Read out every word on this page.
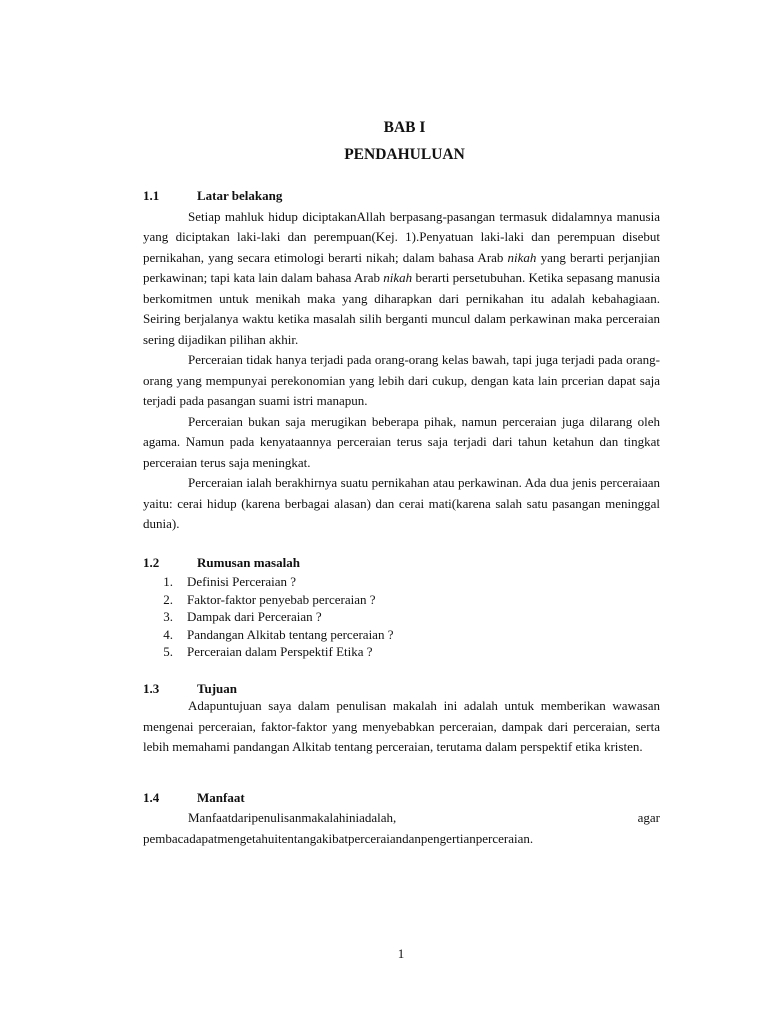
BAB I
PENDAHULUAN
1.1	Latar belakang

Setiap mahluk hidup diciptakanAllah berpasang-pasangan termasuk didalamnya manusia yang diciptakan laki-laki dan perempuan(Kej. 1).Penyatuan laki-laki dan perempuan disebut pernikahan, yang secara etimologi berarti nikah; dalam bahasa Arab nikah yang berarti perjanjian perkawinan; tapi kata lain dalam bahasa Arab nikah berarti persetubuhan. Ketika sepasang manusia berkomitmen untuk menikah maka yang diharapkan dari pernikahan itu adalah kebahagiaan. Seiring berjalanya waktu ketika masalah silih berganti muncul dalam perkawinan maka perceraian sering dijadikan pilihan akhir.

Perceraian tidak hanya terjadi pada orang-orang kelas bawah, tapi juga terjadi pada orang-orang yang mempunyai perekonomian yang lebih dari cukup, dengan kata lain prcerian dapat saja terjadi pada pasangan suami istri manapun.

Perceraian bukan saja merugikan beberapa pihak, namun perceraian juga dilarang oleh agama. Namun pada kenyataannya perceraian terus saja terjadi dari tahun ketahun dan tingkat perceraian terus saja meningkat.

Perceraian ialah berakhirnya suatu pernikahan atau perkawinan. Ada dua jenis perceraiaan yaitu: cerai hidup (karena berbagai alasan) dan cerai mati(karena salah satu pasangan meninggal dunia).

1.2	Rumusan masalah
1. Definisi Perceraian ?
2. Faktor-faktor penyebab perceraian ?
3. Dampak dari Perceraian ?
4. Pandangan Alkitab tentang perceraian ?
5. Perceraian dalam Perspektif Etika ?
1.3	Tujuan

Adapuntujuan saya dalam penulisan makalah ini adalah untuk memberikan wawasan mengenai perceraian, faktor-faktor yang menyebabkan perceraian, dampak dari perceraian, serta lebih memahami pandangan Alkitab tentang perceraian, terutama dalam perspektif etika kristen.

1.4	Manfaat
Manfaatdaripenulisanmakalahiniadalah,	agar
pembacadapatmengetahuitentangakibatperceraiandanpengertianperceraian.
1
